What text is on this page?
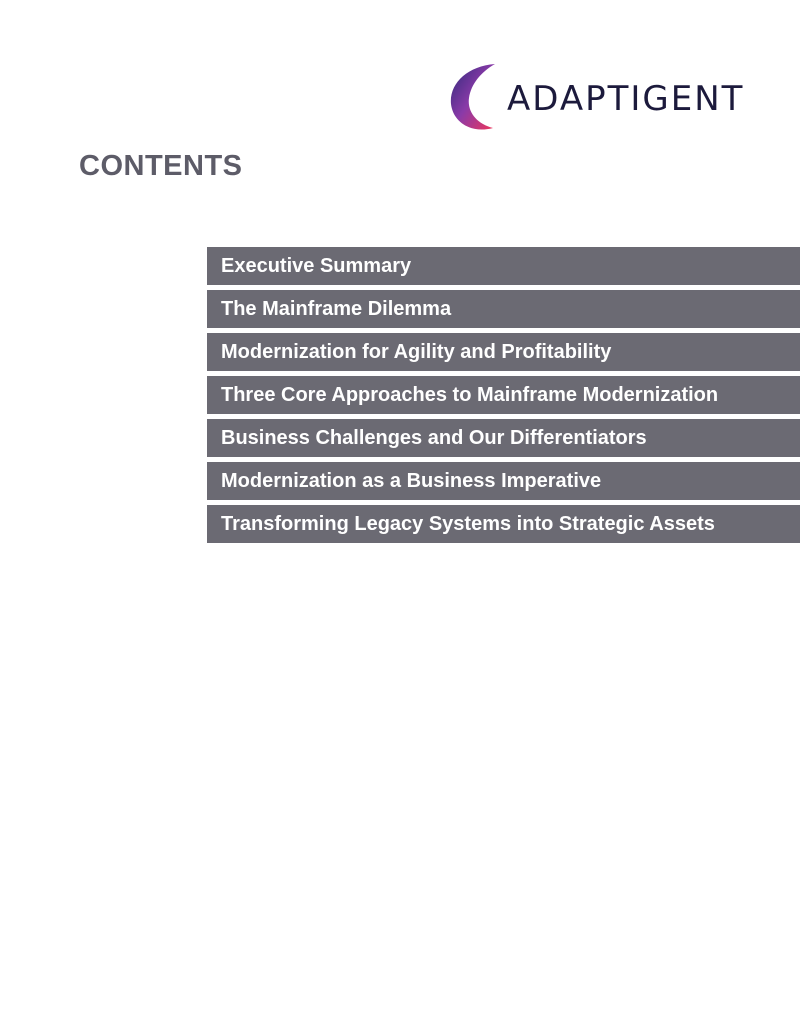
ADAPTIGENT
CONTENTS
Executive Summary
The Mainframe Dilemma
Modernization for Agility and Profitability
Three Core Approaches to Mainframe Modernization
Business Challenges and Our Differentiators
Modernization as a Business Imperative
Transforming Legacy Systems into Strategic Assets
